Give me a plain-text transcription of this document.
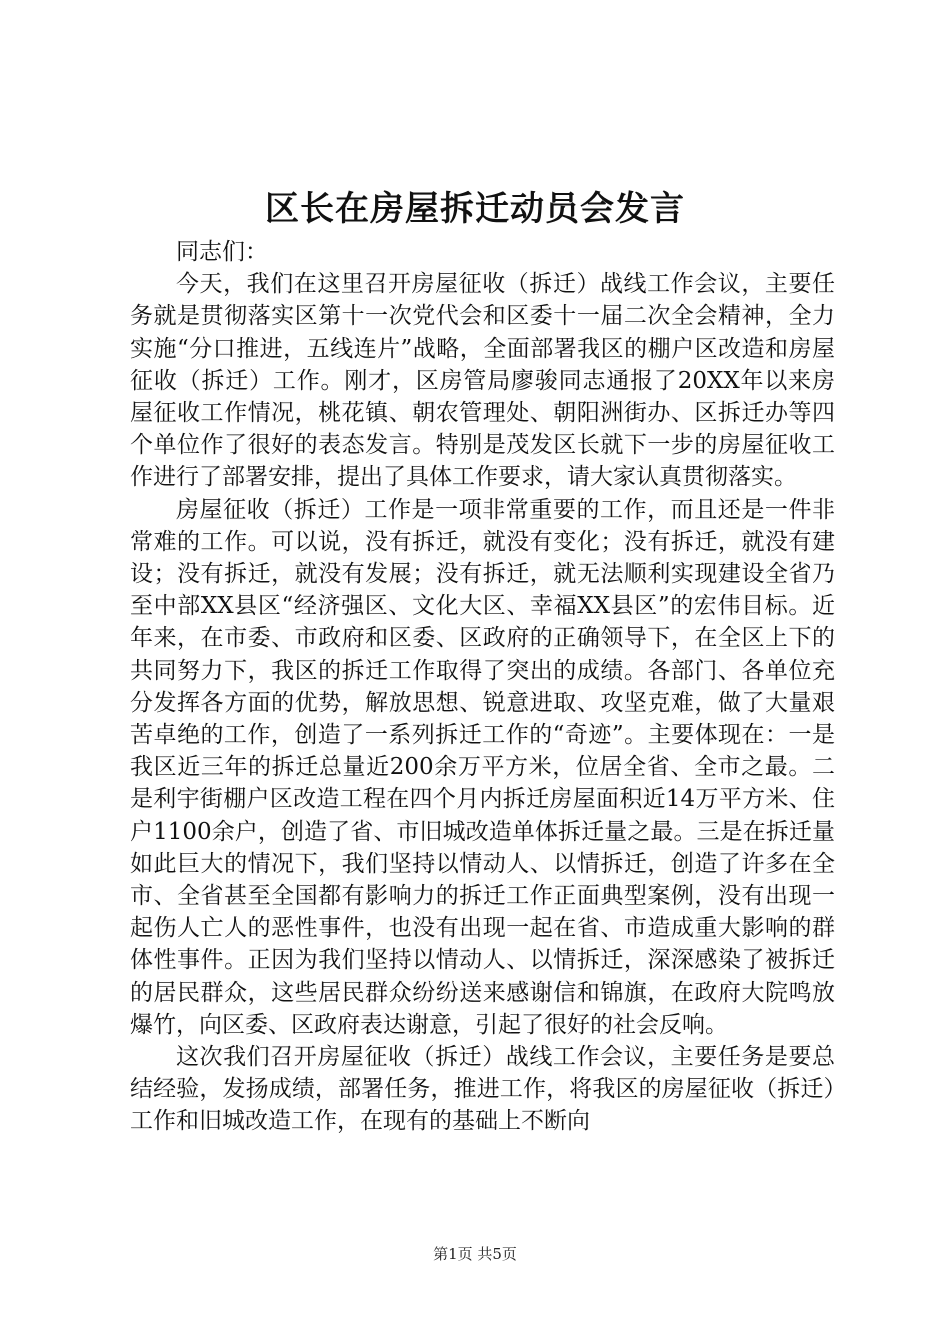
区长在房屋拆迁动员会发言

同志们：

今天，我们在这里召开房屋征收（拆迁）战线工作会议，主要任务就是贯彻落实区第十一次党代会和区委十一届二次全会精神，全力实施“分口推进，五线连片”战略，全面部署我区的棚户区改造和房屋征收（拆迁）工作。刚才，区房管局廖骏同志通报了20XX年以来房屋征收工作情况，桃花镇、朝农管理处、朝阳洲街办、区拆迁办等四个单位作了很好的表态发言。特别是茂发区长就下一步的房屋征收工作进行了部署安排，提出了具体工作要求，请大家认真贯彻落实。

房屋征收（拆迁）工作是一项非常重要的工作，而且还是一件非常难的工作。可以说，没有拆迁，就没有变化；没有拆迁，就没有建设；没有拆迁，就没有发展；没有拆迁，就无法顺利实现建设全省乃至中部XX县区“经济强区、文化大区、幸福XX县区”的宏伟目标。近年来，在市委、市政府和区委、区政府的正确领导下，在全区上下的共同努力下，我区的拆迁工作取得了突出的成绩。各部门、各单位充分发挥各方面的优势，解放思想、锐意进取、攻坚克难，做了大量艰苦卓绝的工作，创造了一系列拆迁工作的“奇迹”。主要体现在：一是我区近三年的拆迁总量近200余万平方米，位居全省、全市之最。二是利宇街棚户区改造工程在四个月内拆迁房屋面积近14万平方米、住户1100余户，创造了省、市旧城改造单体拆迁量之最。三是在拆迁量如此巨大的情况下，我们坚持以情动人、以情拆迁，创造了许多在全市、全省甚至全国都有影响力的拆迁工作正面典型案例，没有出现一起伤人亡人的恶性事件，也没有出现一起在省、市造成重大影响的群体性事件。正因为我们坚持以情动人、以情拆迁，深深感染了被拆迁的居民群众，这些居民群众纷纷送来感谢信和锦旗，在政府大院鸣放爆竹，向区委、区政府表达谢意，引起了很好的社会反响。

这次我们召开房屋征收（拆迁）战线工作会议，主要任务是要总结经验，发扬成绩，部署任务，推进工作，将我区的房屋征收（拆迁）工作和旧城改造工作，在现有的基础上不断向

第1页 共5页
